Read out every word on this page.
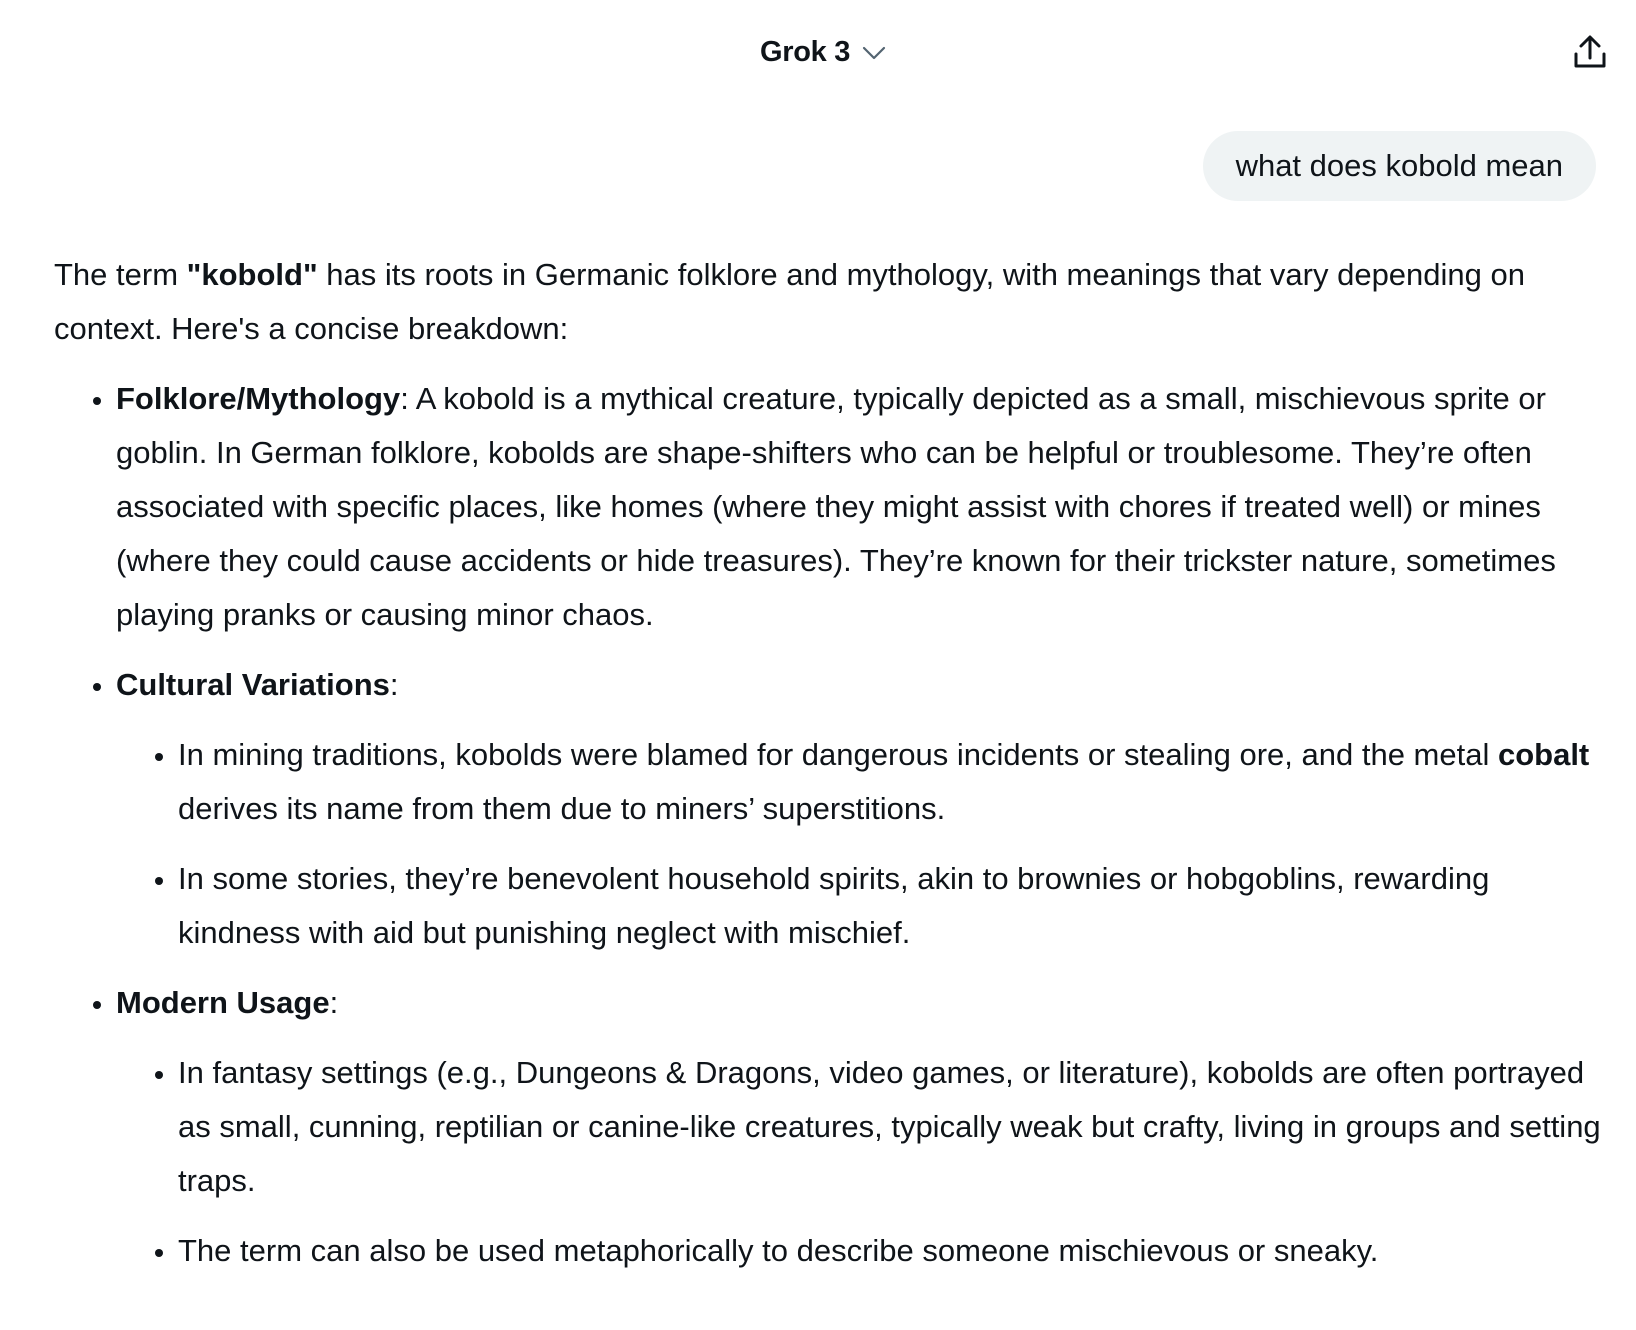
Grok 3
what does kobold mean

The term "kobold" has its roots in Germanic folklore and mythology, with meanings that vary depending on context. Here's a concise breakdown:

• Folklore/Mythology: A kobold is a mythical creature, typically depicted as a small, mischievous sprite or goblin. In German folklore, kobolds are shape-shifters who can be helpful or troublesome. They’re often associated with specific places, like homes (where they might assist with chores if treated well) or mines (where they could cause accidents or hide treasures). They’re known for their trickster nature, sometimes playing pranks or causing minor chaos.
• Cultural Variations:
• In mining traditions, kobolds were blamed for dangerous incidents or stealing ore, and the metal cobalt derives its name from them due to miners’ superstitions.
• In some stories, they’re benevolent household spirits, akin to brownies or hobgoblins, rewarding kindness with aid but punishing neglect with mischief.
• Modern Usage:
• In fantasy settings (e.g., Dungeons & Dragons, video games, or literature), kobolds are often portrayed as small, cunning, reptilian or canine-like creatures, typically weak but crafty, living in groups and setting traps.
• The term can also be used metaphorically to describe someone mischievous or sneaky.
